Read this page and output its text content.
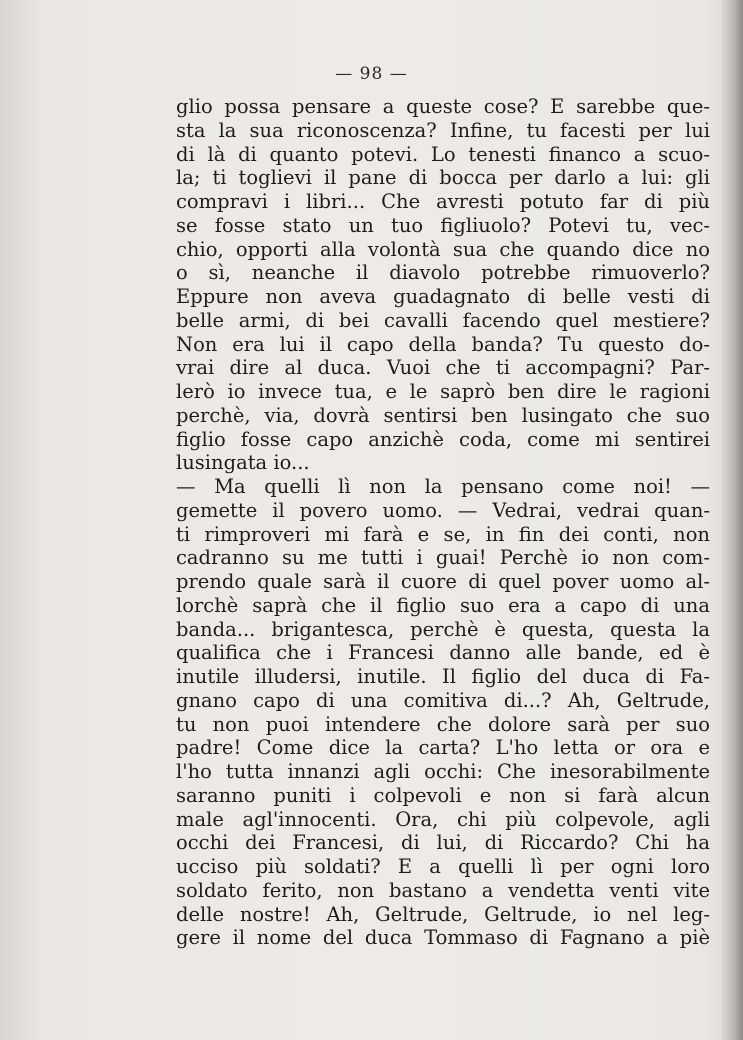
— 98 —
glio possa pensare a queste cose? E sarebbe que-
sta la sua riconoscenza? Infine, tu facesti per lui
di là di quanto potevi. Lo tenesti financo a scuo-
la; ti toglievi il pane di bocca per darlo a lui: gli
compravi i libri... Che avresti potuto far di più
se fosse stato un tuo figliuolo? Potevi tu, vec-
chio, opporti alla volontà sua che quando dice no
o sì, neanche il diavolo potrebbe rimuoverlo?
Eppure non aveva guadagnato di belle vesti di
belle armi, di bei cavalli facendo quel mestiere?
Non era lui il capo della banda? Tu questo do-
vrai dire al duca. Vuoi che ti accompagni? Par-
lerò io invece tua, e le saprò ben dire le ragioni
perchè, via, dovrà sentirsi ben lusingato che suo
figlio fosse capo anzichè coda, come mi sentirei
lusingata io...
— Ma quelli lì non la pensano come noi! —
gemette il povero uomo. — Vedrai, vedrai quan-
ti rimproveri mi farà e se, in fin dei conti, non
cadranno su me tutti i guai! Perchè io non com-
prendo quale sarà il cuore di quel pover uomo al-
lorchè saprà che il figlio suo era a capo di una
banda... brigantesca, perchè è questa, questa la
qualifica che i Francesi danno alle bande, ed è
inutile illudersi, inutile. Il figlio del duca di Fa-
gnano capo di una comitiva di...? Ah, Geltrude,
tu non puoi intendere che dolore sarà per suo
padre! Come dice la carta? L'ho letta or ora e
l'ho tutta innanzi agli occhi: Che inesorabilmente
saranno puniti i colpevoli e non si farà alcun
male agl'innocenti. Ora, chi più colpevole, agli
occhi dei Francesi, di lui, di Riccardo? Chi ha
ucciso più soldati? E a quelli lì per ogni loro
soldato ferito, non bastano a vendetta venti vite
delle nostre! Ah, Geltrude, Geltrude, io nel leg-
gere il nome del duca Tommaso di Fagnano a piè
